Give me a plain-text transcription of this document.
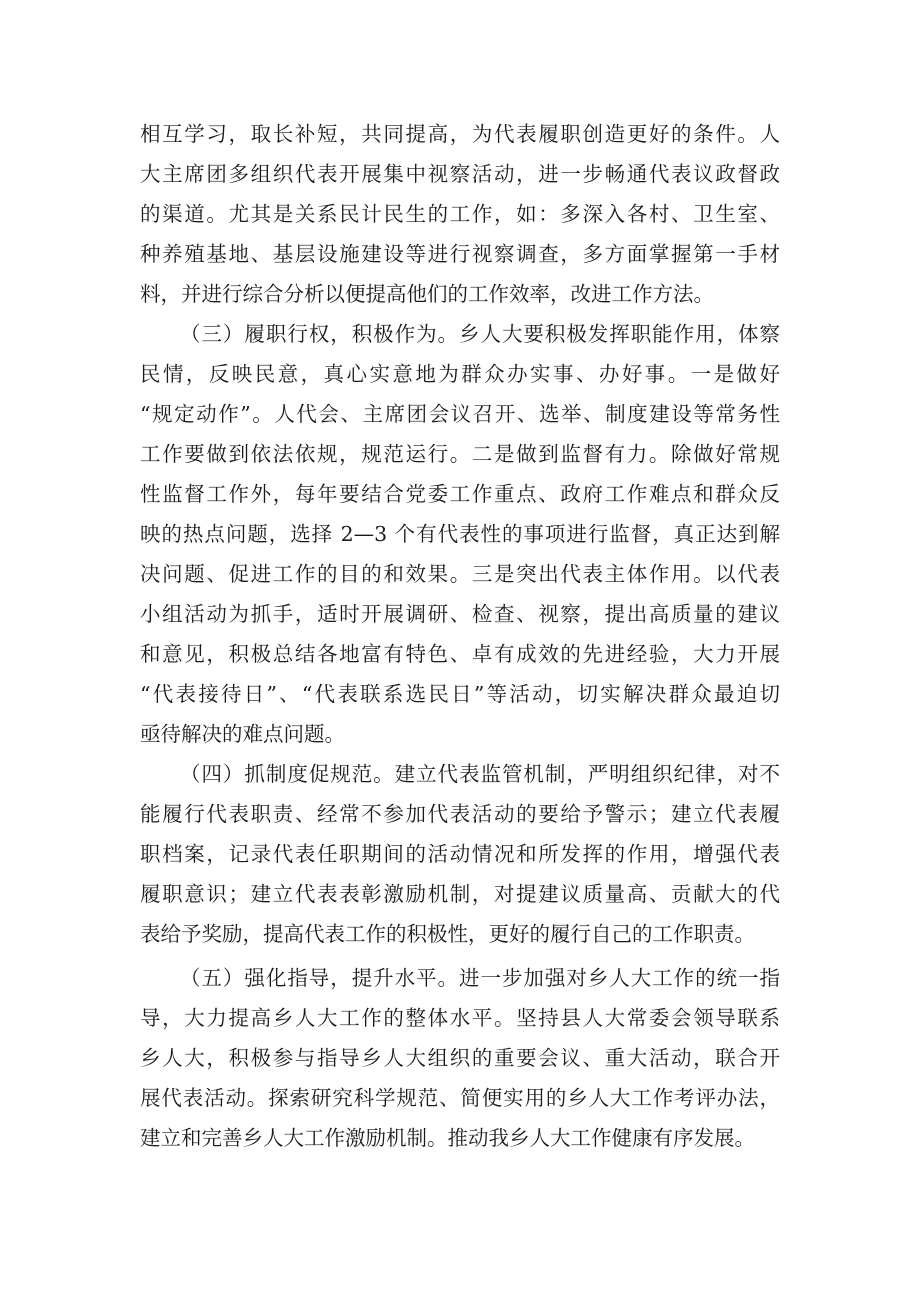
相互学习，取长补短，共同提高，为代表履职创造更好的条件。人
大主席团多组织代表开展集中视察活动，进一步畅通代表议政督政
的渠道。尤其是关系民计民生的工作，如：多深入各村、卫生室、
种养殖基地、基层设施建设等进行视察调查，多方面掌握第一手材
料，并进行综合分析以便提高他们的工作效率，改进工作方法。
（三）履职行权，积极作为。乡人大要积极发挥职能作用，体察
民情，反映民意，真心实意地为群众办实事、办好事。一是做好
“规定动作”。人代会、主席团会议召开、选举、制度建设等常务性
工作要做到依法依规，规范运行。二是做到监督有力。除做好常规
性监督工作外，每年要结合党委工作重点、政府工作难点和群众反
映的热点问题，选择 2—3 个有代表性的事项进行监督，真正达到解
决问题、促进工作的目的和效果。三是突出代表主体作用。以代表
小组活动为抓手，适时开展调研、检查、视察，提出高质量的建议
和意见，积极总结各地富有特色、卓有成效的先进经验，大力开展
“代表接待日”、“代表联系选民日”等活动，切实解决群众最迫切
亟待解决的难点问题。
（四）抓制度促规范。建立代表监管机制，严明组织纪律，对不
能履行代表职责、经常不参加代表活动的要给予警示；建立代表履
职档案，记录代表任职期间的活动情况和所发挥的作用，增强代表
履职意识；建立代表表彰激励机制，对提建议质量高、贡献大的代
表给予奖励，提高代表工作的积极性，更好的履行自己的工作职责。
（五）强化指导，提升水平。进一步加强对乡人大工作的统一指
导，大力提高乡人大工作的整体水平。坚持县人大常委会领导联系
乡人大，积极参与指导乡人大组织的重要会议、重大活动，联合开
展代表活动。探索研究科学规范、简便实用的乡人大工作考评办法，
建立和完善乡人大工作激励机制。推动我乡人大工作健康有序发展。
